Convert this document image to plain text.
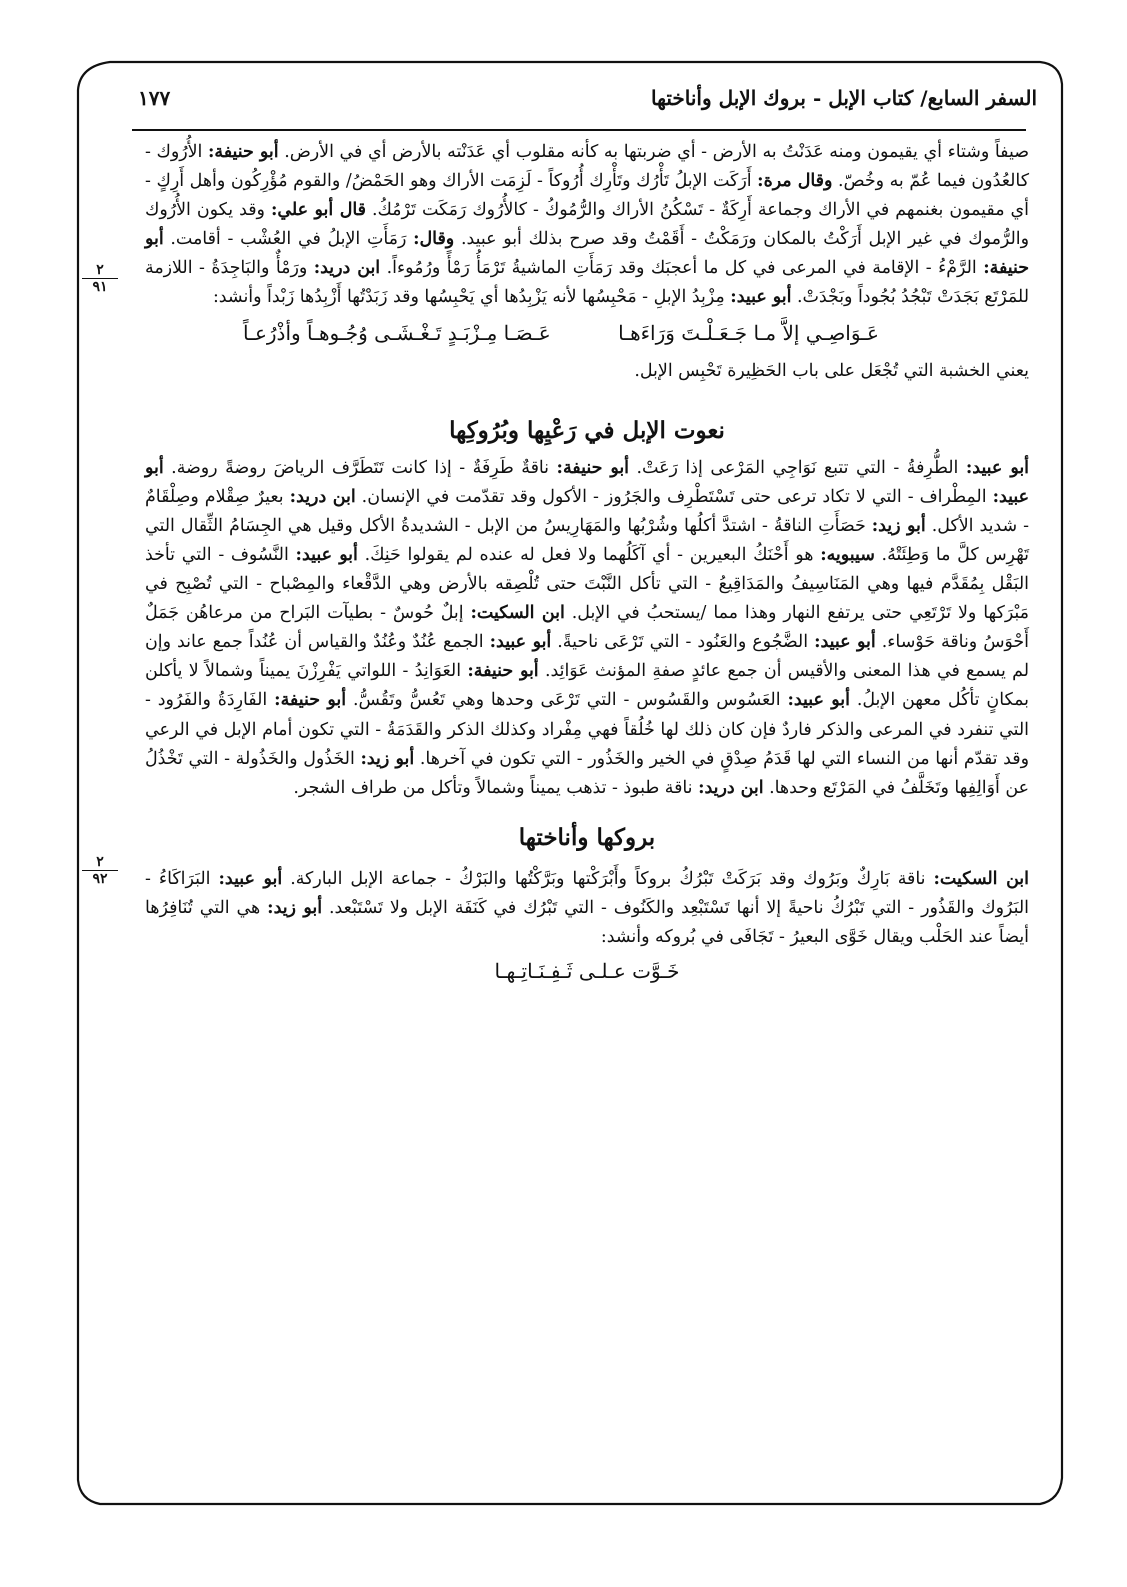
السفر السابع/ كتاب الإبل - بروك الإبل وأناختها
١٧٧
٢
٩١
٢
٩٢

صيفاً وشتاء أي يقيمون ومنه عَدَنْتُ به الأرض - أي ضربتها به كأنه مقلوب أي عَدَنْته بالأرض أي في الأرض. أبو حنيفة: الأُرُوك - كالعُدُون فيما عُمّ به وخُصّ. وقال مرة: أَرَكَت الإبلُ تَأْرُك وتَأْرِك أُرُوكاً - لَزِمَت الأراك وهو الحَمْضُ/ والقوم مُؤْرِكُون وأهل أَرِكٍ - أي مقيمون بغنمهم في الأراك وجماعة أَرِكَةٌ - تَسْكُنُ الأراك والرُّمُوكُ - كالأُرُوك رَمَكَت تَرْمُكُ. قال أبو علي: وقد يكون الأُرُوك والرُّموك في غير الإبل أَرَكْتُ بالمكان ورَمَكْتُ - أَقَمْتُ وقد صرح بذلك أبو عبيد. وقال: رَمَأَتِ الإبلُ في العُشْب - أقامت. أبو حنيفة: الرَّمْءُ - الإقامة في المرعى في كل ما أعجبَك وقد رَمَأَتِ الماشيةُ تَرْمَأُ رَمْأً ورُمُوءاً. ابن دريد: ورَمْأٌ والبَاجِدَةُ - اللازمة للمَرْتَع بَجَدَتْ تَبْجُدُ بُجُوداً وبَجْدَتْ. أبو عبيد: مِزْبِدُ الإبلِ - مَحْبِسُها لأنه يَزْبِدُها أي يَحْبِسُها وقد زَبَدْتُها أَزْبِدُها زَبْداً وأنشد:

عَـوَاصِـي إلاَّ مـا جَـعَـلْـتَ وَرَاءَهـا
عَـصَـا مِـزْبَـدٍ تَـغْـشَـى وُجُـوهـاً وأذْرُعـاً

يعني الخشبة التي تُجْعَل على باب الحَظِيرة تَحْبِس الإبل.

نعوت الإبل في رَعْيِها وبُرُوكِها

أبو عبيد: الطُّرِفةُ - التي تتبع نَوَاجِي المَرْعى إذا رَعَتْ. أبو حنيفة: ناقةٌ طَرِفَةٌ - إذا كانت تَتَطَرَّف الرياضَ روضةً روضة. أبو عبيد: المِطْراف - التي لا تكاد ترعى حتى تَسْتَطْرِف والجَرُوز - الأكول وقد تقدّمت في الإنسان. ابن دريد: بعيرٌ صِقْلام وصِلْقَامٌ - شديد الأكل. أبو زيد: حَصَأَتِ الناقةُ - اشتدَّ أكلُها وشُرْبُها والمَهَارِيسُ من الإبل - الشديدةُ الأكل وقيل هي الجِسَامُ الثِّقال التي تَهْرِس كلَّ ما وَطِئَتْهُ. سيبويه: هو أَحْنَكُ البعيرين - أي آكَلُهما ولا فعل له عنده لم يقولوا حَنِكَ. أبو عبيد: النَّسُوف - التي تأخذ البَقْل بِمُقَدَّم فيها وهي المَنَاسِيفُ والمَدَاقِيعُ - التي تأكل النَّبْتَ حتى تُلْصِقه بالأرض وهي الدَّقْعاء والمِصْباح - التي تُصْبِح في مَبْرَكها ولا تَرْتَعِي حتى يرتفع النهار وهذا مما /يستحبُ في الإبل. ابن السكيت: إبلٌ حُوسٌ - بطيآت البَراح من مرعاهُن جَمَلٌ أَحْوَسُ وناقة حَوْساء. أبو عبيد: الضَّجُوع والعَنُود - التي تَرْعَى ناحيةً. أبو عبيد: الجمع عُنُدٌ وعُنُدٌ والقياس أن عُنُداً جمع عاند وإن لم يسمع في هذا المعنى والأقيس أن جمع عائدٍ صفةِ المؤنث عَوَائِد. أبو حنيفة: العَوَانِدُ - اللواتي يَفْرِزْنَ يميناً وشمالاً لا يأكلن بمكانٍ تأكُل معهن الإبلُ. أبو عبيد: العَسُوس والقَسُوس - التي تَرْعَى وحدها وهي تَعُسُّ وتَقُسُّ. أبو حنيفة: الفَارِدَةُ والفَرُود - التي تنفرد في المرعى والذكر فاردٌ فإن كان ذلك لها خُلُقاً فهي مِفْراد وكذلك الذكر والقَدَمَةُ - التي تكون أمام الإبل في الرعي وقد تقدّم أنها من النساء التي لها قَدَمُ صِدْقٍ في الخير والخَذُور - التي تكون في آخرها. أبو زيد: الخَذُول والخَذُولة - التي تَخْذُلُ عن أَوَالِفِها وتَخَلَّفُ في المَرْتَع وحدها. ابن دريد: ناقة طبوذ - تذهب يميناً وشمالاً وتأكل من طراف الشجر.

بروكها وأناختها

ابن السكيت: ناقة بَارِكٌ وبَرُوك وقد بَرَكَتْ تَبْرُكُ بروكاً وأَبْرَكْتها وبَرَّكْتُها والبَرْكُ - جماعة الإبل الباركة. أبو عبيد: البَرَاكَاءُ - البَرُوك والقَذُور - التي تَبْرُكُ ناحيةً إلا أنها تَسْتَبْعِد والكَنُوف - التي تَبْرُك في كَنَفَة الإبل ولا تَسْتَبْعد. أبو زيد: هي التي تُنَافِرُها أيضاً عند الحَلْب ويقال خَوَّى البعيرُ - تَجَافَى في بُروكه وأنشد:

خَـوَّت عـلـى ثَـفِـنَـاتِـهـا
